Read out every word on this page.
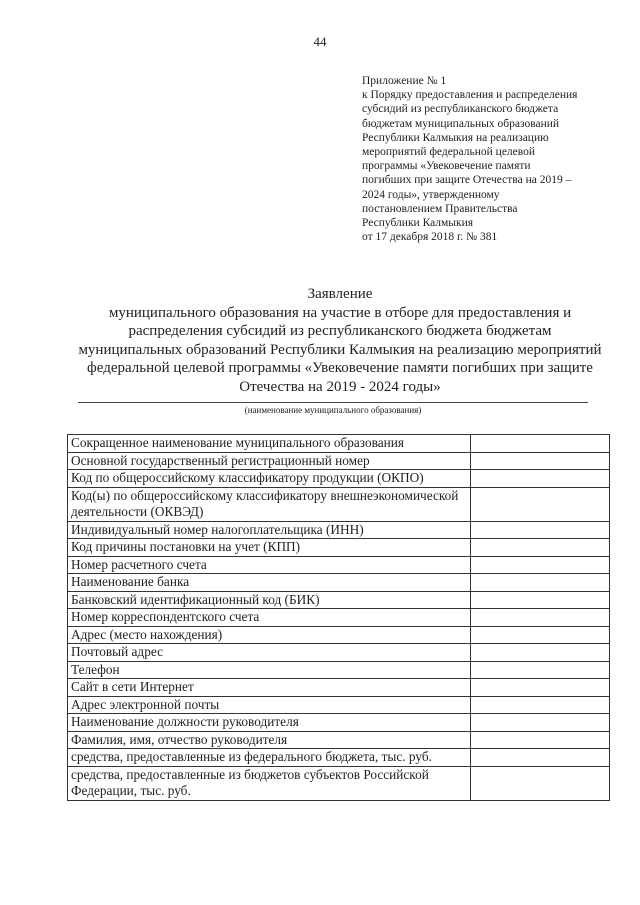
44
Приложение № 1
к Порядку предоставления и распределения
субсидий из республиканского бюджета
бюджетам муниципальных образований
Республики Калмыкия на реализацию
мероприятий федеральной целевой
программы «Увековечение памяти
погибших при защите Отечества на 2019 –
2024 годы», утвержденному
постановлением Правительства
Республики Калмыкия
от 17 декабря 2018 г. № 381
Заявление
муниципального образования на участие в отборе для предоставления и
распределения субсидий из республиканского бюджета бюджетам
муниципальных образований Республики Калмыкия на реализацию мероприятий
федеральной целевой программы «Увековечение памяти погибших при защите
Отечества на 2019 - 2024 годы»
(наименование муниципального образования)
Сокращенное наименование муниципального образования	
Основной государственный регистрационный номер	
Код по общероссийскому классификатору продукции (ОКПО)	
Код(ы) по общероссийскому классификатору внешнеэкономической деятельности (ОКВЭД)	
Индивидуальный номер налогоплательщика (ИНН)	
Код причины постановки на учет (КПП)	
Номер расчетного счета	
Наименование банка	
Банковский идентификационный код (БИК)	
Номер корреспондентского счета	
Адрес (место нахождения)	
Почтовый адрес	
Телефон	
Сайт в сети Интернет	
Адрес электронной почты	
Наименование должности руководителя	
Фамилия, имя, отчество руководителя	
средства, предоставленные из федерального бюджета, тыс. руб.	
средства, предоставленные из бюджетов субъектов Российской Федерации, тыс. руб.	
